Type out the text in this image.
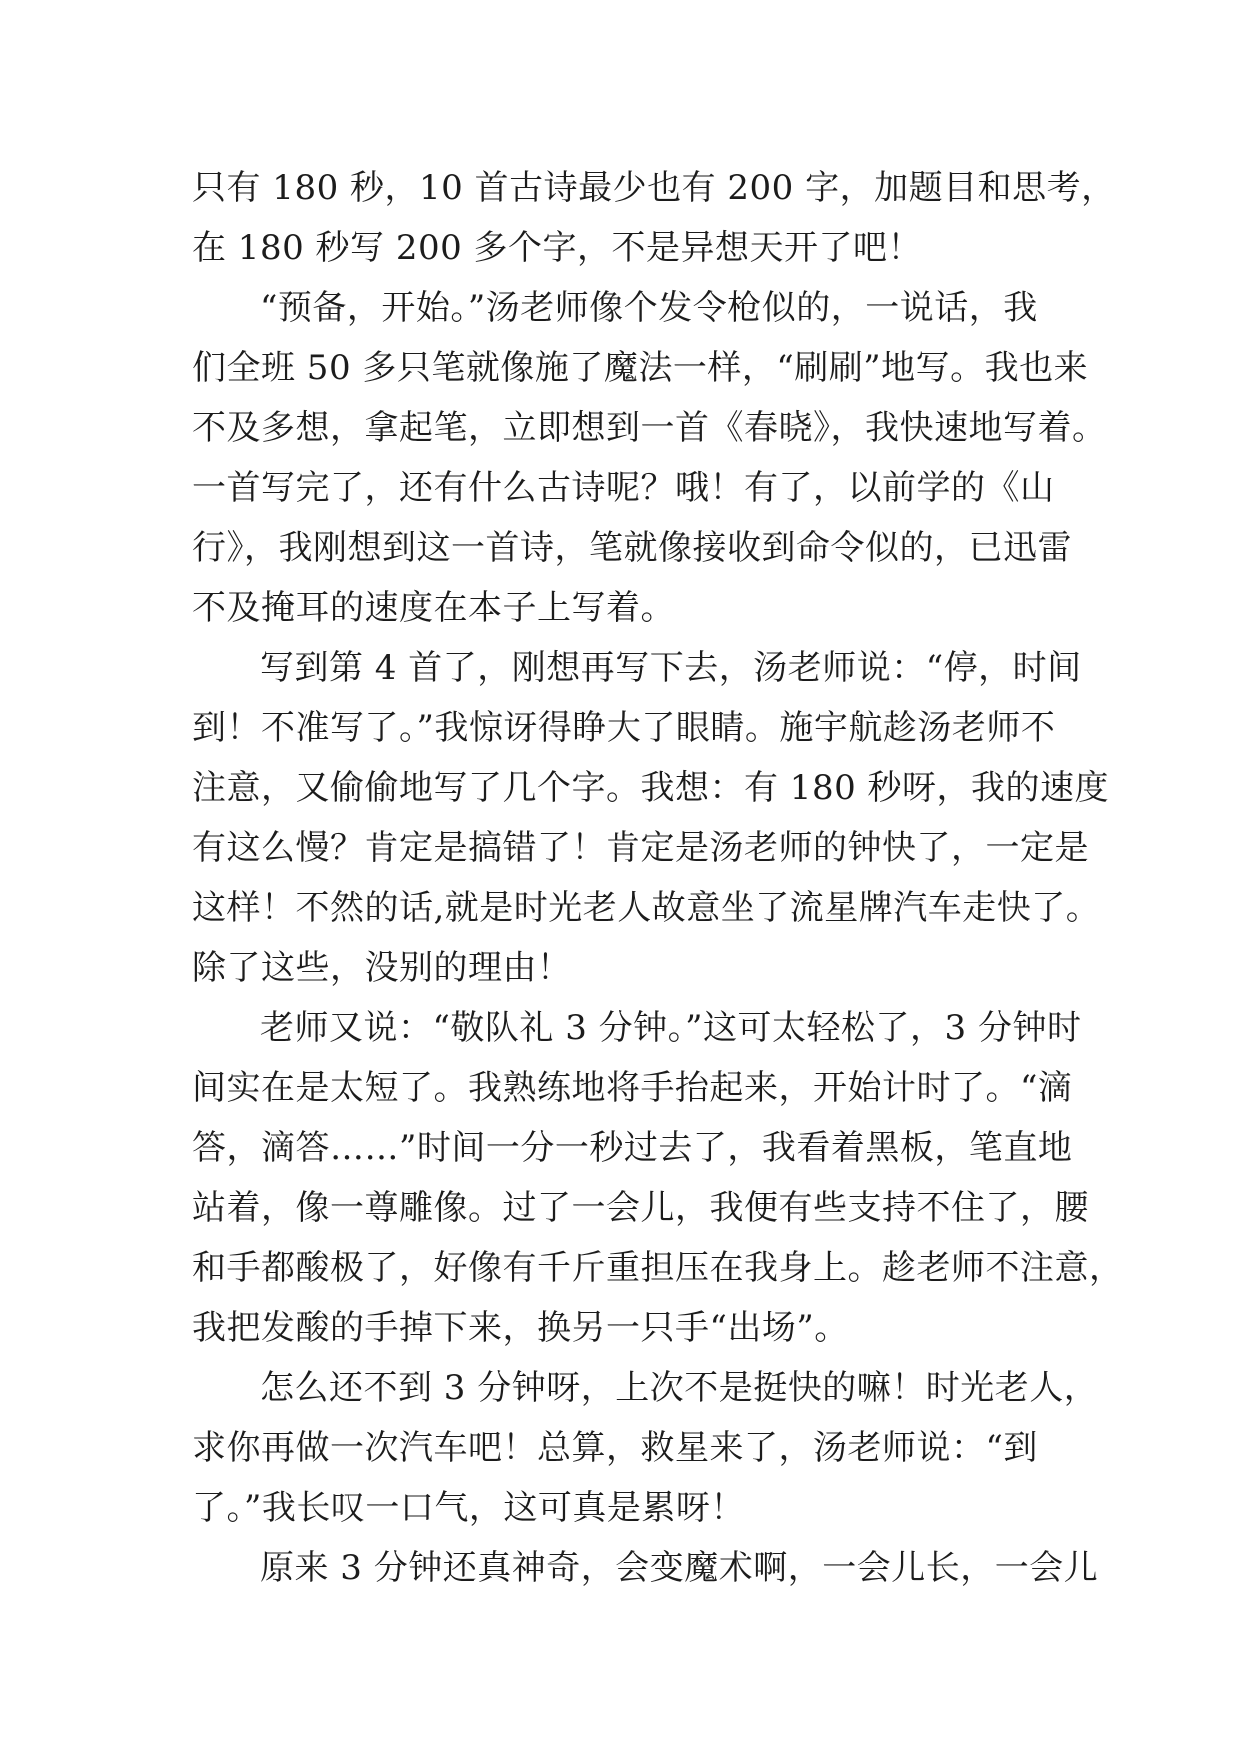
只有 180 秒，10 首古诗最少也有 200 字，加题目和思考，
在 180 秒写 200 多个字，不是异想天开了吧！
“预备，开始。”汤老师像个发令枪似的，一说话，我
们全班 50 多只笔就像施了魔法一样，“刷刷”地写。我也来
不及多想，拿起笔，立即想到一首《春晓》，我快速地写着。
一首写完了，还有什么古诗呢？哦！有了，以前学的《山
行》，我刚想到这一首诗，笔就像接收到命令似的，已迅雷
不及掩耳的速度在本子上写着。
写到第 4 首了，刚想再写下去，汤老师说：“停，时间
到！不准写了。”我惊讶得睁大了眼睛。施宇航趁汤老师不
注意，又偷偷地写了几个字。我想：有 180 秒呀，我的速度
有这么慢？肯定是搞错了！肯定是汤老师的钟快了，一定是
这样！不然的话,就是时光老人故意坐了流星牌汽车走快了。
除了这些，没别的理由！
老师又说：“敬队礼 3 分钟。”这可太轻松了，3 分钟时
间实在是太短了。我熟练地将手抬起来，开始计时了。“滴
答，滴答……”时间一分一秒过去了，我看着黑板，笔直地
站着，像一尊雕像。过了一会儿，我便有些支持不住了，腰
和手都酸极了，好像有千斤重担压在我身上。趁老师不注意，
我把发酸的手掉下来，换另一只手“出场”。
怎么还不到 3 分钟呀，上次不是挺快的嘛！时光老人，
求你再做一次汽车吧！总算，救星来了，汤老师说：“到
了。”我长叹一口气，这可真是累呀！
原来 3 分钟还真神奇，会变魔术啊，一会儿长，一会儿
